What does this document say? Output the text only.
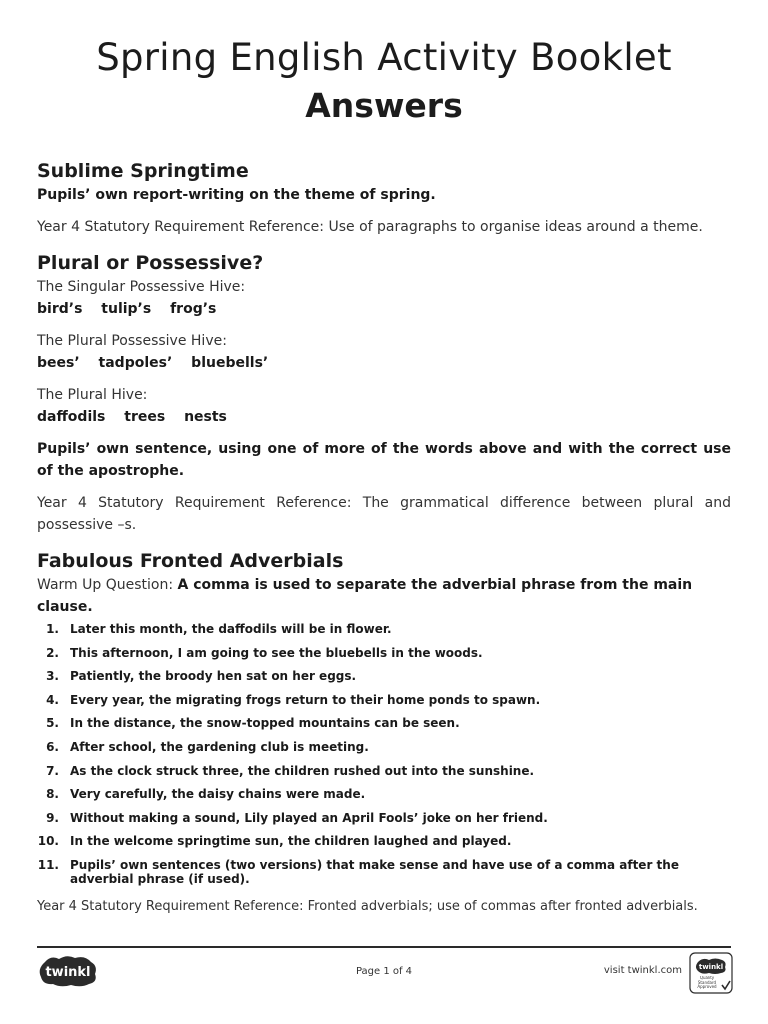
Spring English Activity Booklet
Answers
Sublime Springtime
Pupils’ own report-writing on the theme of spring.
Year 4 Statutory Requirement Reference: Use of paragraphs to organise ideas around a theme.
Plural or Possessive?
The Singular Possessive Hive:
bird’s tulip’s frog’s
The Plural Possessive Hive:
bees’ tadpoles’ bluebells’
The Plural Hive:
daffodils trees nests
Pupils’ own sentence, using one of more of the words above and with the correct use of the apostrophe.
Year 4 Statutory Requirement Reference: The grammatical difference between plural and possessive –s.
Fabulous Fronted Adverbials
Warm Up Question: A comma is used to separate the adverbial phrase from the main clause.
1. Later this month, the daffodils will be in flower.
2. This afternoon, I am going to see the bluebells in the woods.
3. Patiently, the broody hen sat on her eggs.
4. Every year, the migrating frogs return to their home ponds to spawn.
5. In the distance, the snow-topped mountains can be seen.
6. After school, the gardening club is meeting.
7. As the clock struck three, the children rushed out into the sunshine.
8. Very carefully, the daisy chains were made.
9. Without making a sound, Lily played an April Fools’ joke on her friend.
10. In the welcome springtime sun, the children laughed and played.
11. Pupils’ own sentences (two versions) that make sense and have use of a comma after the adverbial phrase (if used).
Year 4 Statutory Requirement Reference: Fronted adverbials; use of commas after fronted adverbials.
twinkl	Page 1 of 4	visit twinkl.com twinkl
Quality Standard Approved
